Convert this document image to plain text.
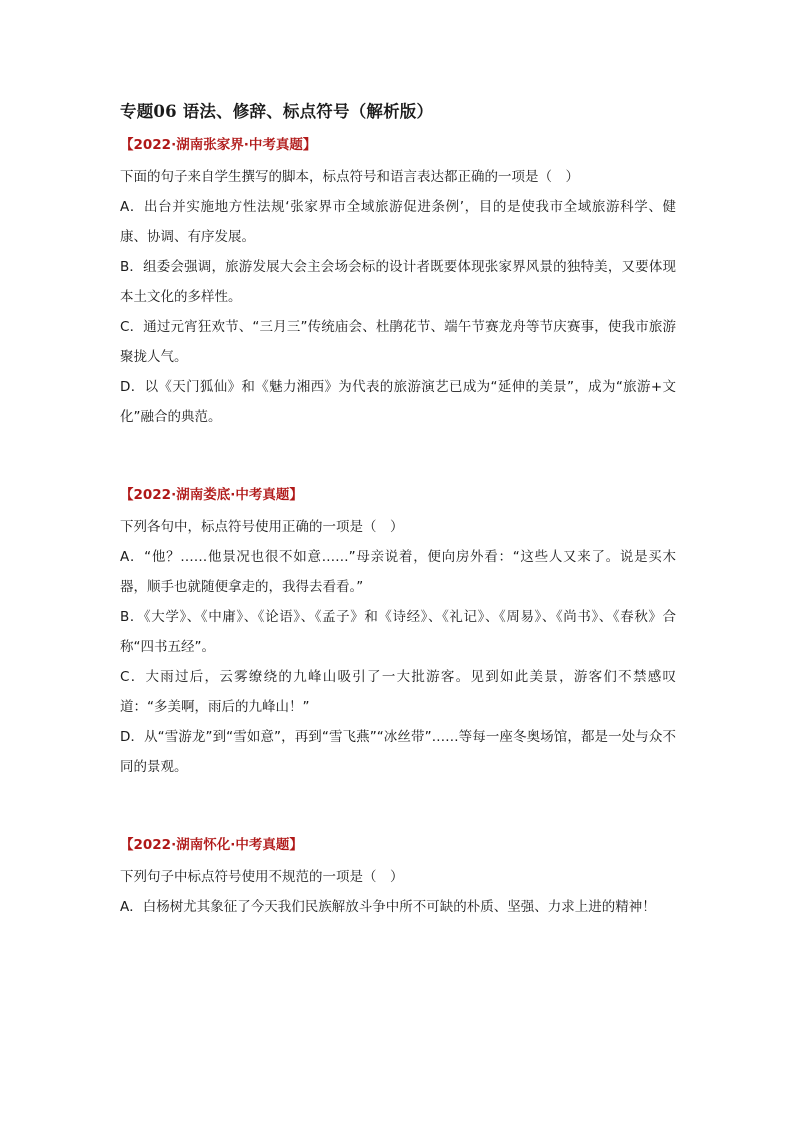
专题06 语法、修辞、标点符号（解析版）

【2022·湖南张家界·中考真题】

下面的句子来自学生撰写的脚本，标点符号和语言表达都正确的一项是（　）

A．出台并实施地方性法规‘张家界市全域旅游促进条例’，目的是使我市全域旅游科学、健康、协调、有序发展。

B．组委会强调，旅游发展大会主会场会标的设计者既要体现张家界风景的独特美，又要体现本土文化的多样性。

C．通过元宵狂欢节、“三月三”传统庙会、杜鹃花节、端午节赛龙舟等节庆赛事，使我市旅游聚拢人气。

D．以《天门狐仙》和《魅力湘西》为代表的旅游演艺已成为“延伸的美景”，成为“旅游+文化”融合的典范。

【2022·湖南娄底·中考真题】

下列各句中，标点符号使用正确的一项是（　）

A．“他？……他景况也很不如意……”母亲说着，便向房外看：“这些人又来了。说是买木器，顺手也就随便拿走的，我得去看看。”

B．《大学》、《中庸》、《论语》、《孟子》和《诗经》、《礼记》、《周易》、《尚书》、《春秋》合称“四书五经”。

C．大雨过后，云雾缭绕的九峰山吸引了一大批游客。见到如此美景，游客们不禁感叹道：“多美啊，雨后的九峰山！”

D．从“雪游龙”到“雪如意”，再到“雪飞燕”“冰丝带”……等每一座冬奥场馆，都是一处与众不同的景观。

【2022·湖南怀化·中考真题】

下列句子中标点符号使用不规范的一项是（　）

A．白杨树尤其象征了今天我们民族解放斗争中所不可缺的朴质、坚强、力求上进的精神！
